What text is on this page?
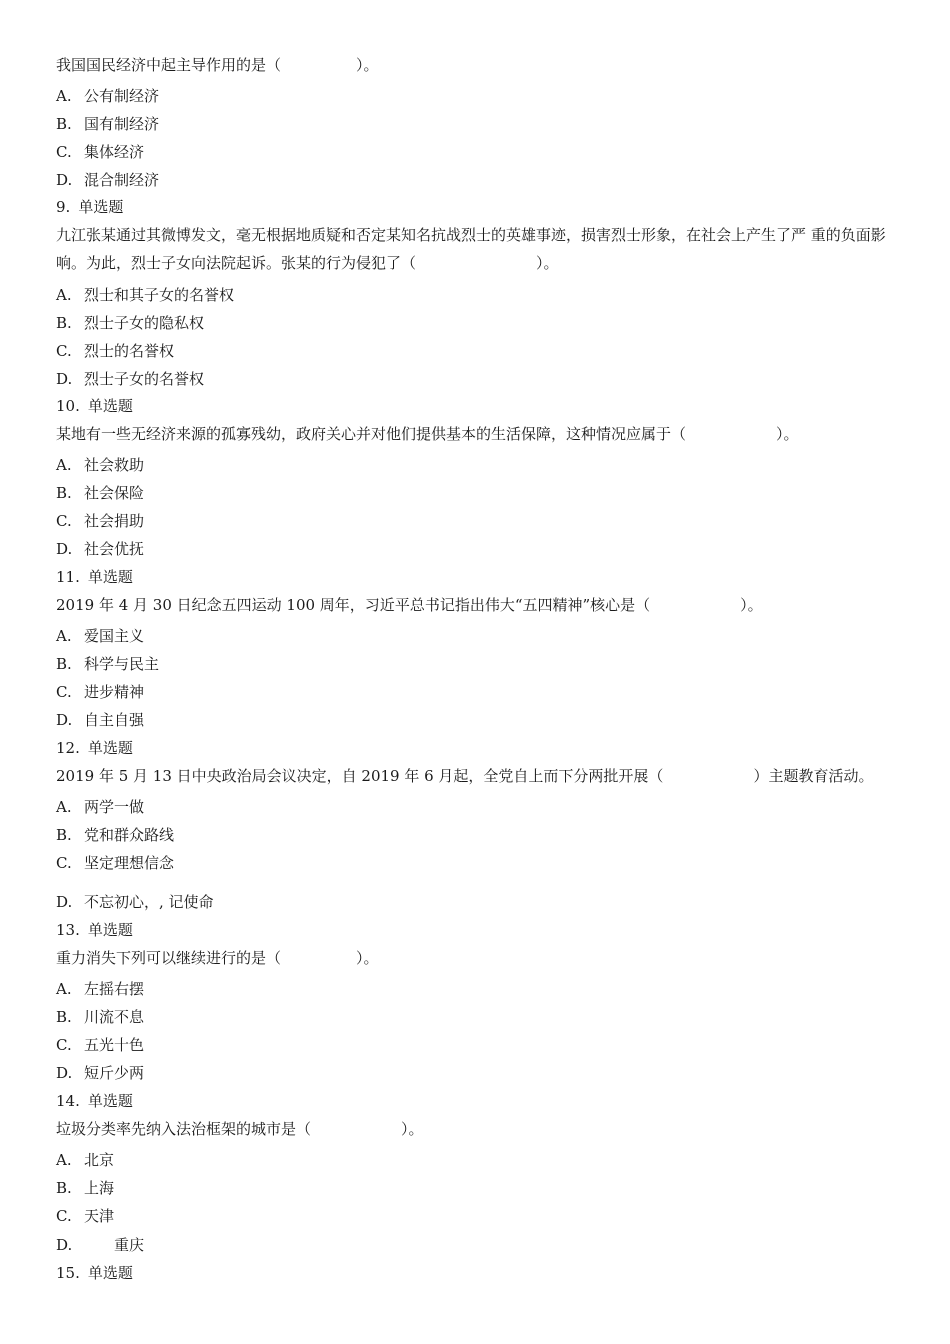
我国国民经济中起主导作用的是（　　　　　）。
A. 公有制经济
B. 国有制经济
C. 集体经济
D. 混合制经济
9. 单选题
九江张某通过其微博发文，毫无根据地质疑和否定某知名抗战烈士的英雄事迹，损害烈士形象，在社会上产生了严 重的负面影响。为此，烈士子女向法院起诉。张某的行为侵犯了（　　　　　　　　）。
A. 烈士和其子女的名誉权
B. 烈士子女的隐私权
C. 烈士的名誉权
D. 烈士子女的名誉权
10. 单选题
某地有一些无经济来源的孤寡残幼，政府关心并对他们提供基本的生活保障，这种情况应属于（　　　　　　）。
A. 社会救助
B. 社会保险
C. 社会捐助
D. 社会优抚
11. 单选题
2019 年 4 月 30 日纪念五四运动 100 周年，习近平总书记指出伟大“五四精神”核心是（　　　　　　）。
A. 爱国主义
B. 科学与民主
C. 进步精神
D. 自主自强
12. 单选题
2019 年 5 月 13 日中央政治局会议决定，自 2019 年 6 月起，全党自上而下分两批开展（　　　　　　）主题教育活动。
A. 两学一做
B. 党和群众路线
C. 坚定理想信念
D. 不忘初心，, 记使命
13. 单选题
重力消失下列可以继续进行的是（　　　　　）。
A. 左摇右摆
B. 川流不息
C. 五光十色
D. 短斤少两
14. 单选题
垃圾分类率先纳入法治框架的城市是（　　　　　　）。
A. 北京
B. 上海
C. 天津
D.	重庆
15. 单选题
